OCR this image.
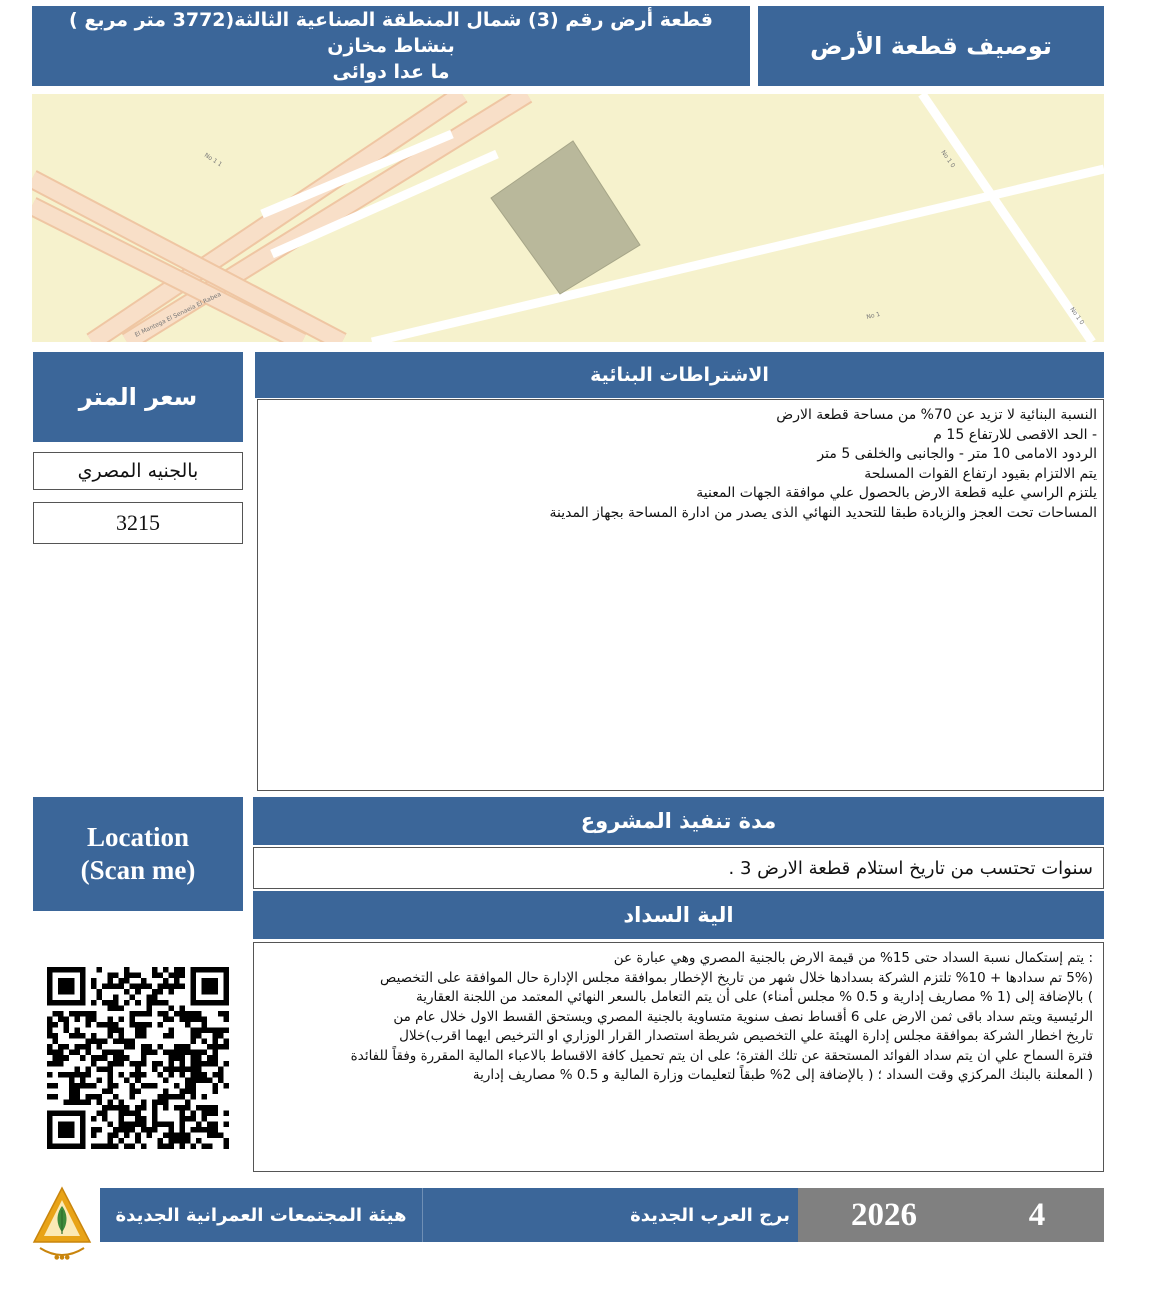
قطعة أرض رقم (3) شمال المنطقة الصناعية الثالثة(3772 متر مربع ) بنشاط مخازن
ما عدا دوائى
توصيف قطعة الأرض
El Mantega El Senaeia El Rabea
No 1 1	No 1 0
No 1 0
No 1
سعر المتر
بالجنيه المصري
3215
الاشتراطات البنائية
النسبة البنائية لا تزيد عن 70% من مساحة قطعة الارض
- الحد الاقصى للارتفاع 15 م
الردود الامامى 10 متر - والجانبى والخلفى 5 متر
يتم الالتزام بقيود ارتفاع القوات المسلحة
يلتزم الراسي عليه قطعة الارض بالحصول علي موافقة الجهات المعنية
المساحات تحت العجز والزيادة طبقا للتحديد النهائي الذى يصدر من ادارة المساحة بجهاز المدينة
Location
(Scan me)
مدة تنفيذ المشروع
. سنوات تحتسب من تاريخ استلام قطعة الارض 3
الية السداد
: يتم إستكمال نسبة السداد حتى 15% من قيمة الارض بالجنية المصري وهي عبارة عن
(5% تم سدادها + 10% تلتزم الشركة بسدادها خلال شهر من تاريخ الإخطار بموافقة مجلس الإدارة حال الموافقة على التخصيص
) بالإضافة إلى (1 % مصاريف إدارية و 0.5 % مجلس أمناء) على أن يتم التعامل بالسعر النهائي المعتمد من اللجنة العقارية
الرئيسية ويتم سداد باقى ثمن الارض على 6 أقساط نصف سنوية متساوية بالجنية المصري ويستحق القسط الاول خلال عام من
تاريخ اخطار الشركة بموافقة مجلس إدارة الهيئة علي التخصيص شريطة استصدار القرار الوزاري او الترخيص ايهما اقرب)خلال
فترة السماح علي ان يتم سداد الفوائد المستحقة عن تلك الفترة؛ على ان يتم تحميل كافة الاقساط بالاعباء المالية المقررة وفقاً للفائدة
( المعلنة بالبنك المركزي وقت السداد ؛ ( بالإضافة إلى 2% طبقاً لتعليمات وزارة المالية و 0.5 % مصاريف إدارية
●●●
هيئة المجتمعات العمرانية الجديدة	برج العرب الجديدة	2026	4
